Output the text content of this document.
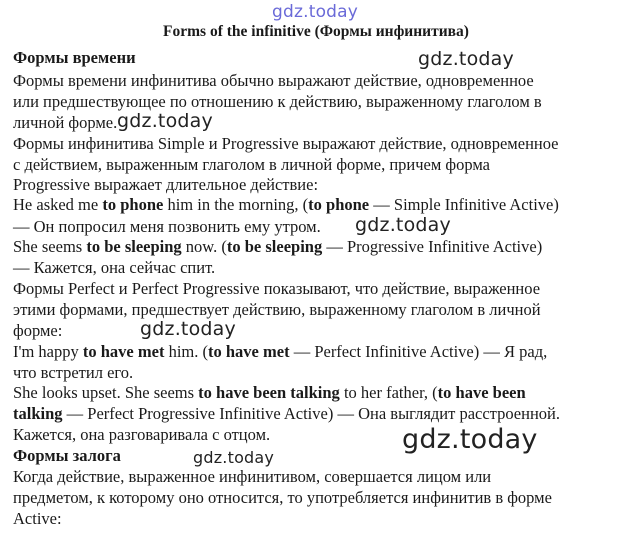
gdz.today
Forms of the infinitive (Формы инфинитива)
Формы времени
Формы времени инфинитива обычно выражают действие, одновременное
или предшествующее по отношению к действию, выраженному глаголом в
личной форме.
Формы инфинитива Simple и Progressive выражают действие, одновременное
с действием, выраженным глаголом в личной форме, причем форма
Progressive выражает длительное действие:
He asked me to phone him in the morning, (to phone — Simple Infinitive Active)
— Он попросил меня позвонить ему утром.
She seems to be sleeping now. (to be sleeping — Progressive Infinitive Active)
— Кажется, она сейчас спит.
Формы Perfect и Perfect Progressive показывают, что действие, выраженное
этими формами, предшествует действию, выраженному глаголом в личной
форме:
I'm happy to have met him. (to have met — Perfect Infinitive Active) — Я рад,
что встретил его.
She looks upset. She seems to have been talking to her father, (to have been
talking — Perfect Progressive Infinitive Active) — Она выглядит расстроенной.
Кажется, она разговаривала с отцом.
Формы залога
Когда действие, выраженное инфинитивом, совершается лицом или
предметом, к которому оно относится, то употребляется инфинитив в форме
Active:
gdz.today
gdz.today
gdz.today
gdz.today
gdz.today
gdz.today
